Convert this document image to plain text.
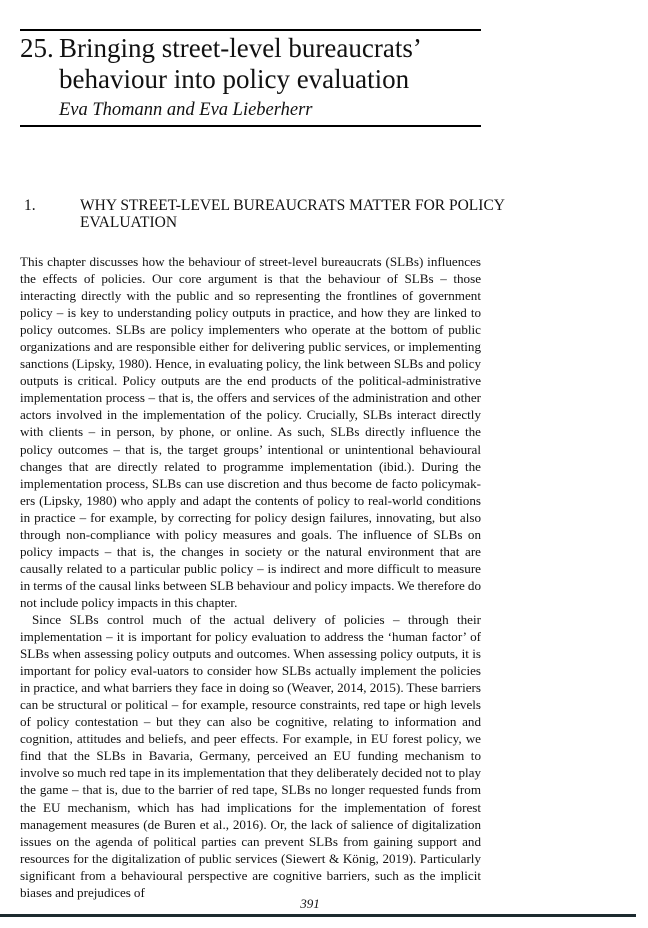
25. Bringing street-level bureaucrats’ behaviour into policy evaluation
Eva Thomann and Eva Lieberherr
1.	WHY STREET-LEVEL BUREAUCRATS MATTER FOR POLICY EVALUATION

This chapter discusses how the behaviour of street-level bureaucrats (SLBs) influences the effects of policies. Our core argument is that the behaviour of SLBs – those interacting directly with the public and so representing the frontlines of government policy – is key to understanding policy outputs in practice, and how they are linked to policy outcomes. SLBs are policy implementers who operate at the bottom of public organizations and are responsible either for delivering public services, or implementing sanctions (Lipsky, 1980). Hence, in evaluating policy, the link between SLBs and policy outputs is critical. Policy outputs are the end products of the political-administrative implementation process – that is, the offers and services of the administration and other actors involved in the implementation of the policy. Crucially, SLBs interact directly with clients – in person, by phone, or online. As such, SLBs directly influence the policy outcomes – that is, the target groups’ intentional or unintentional behavioural changes that are directly related to programme implementation (ibid.). During the implementation process, SLBs can use discretion and thus become de facto policymak-ers (Lipsky, 1980) who apply and adapt the contents of policy to real-world conditions in practice – for example, by correcting for policy design failures, innovating, but also through non-compliance with policy measures and goals. The influence of SLBs on policy impacts – that is, the changes in society or the natural environment that are causally related to a particular public policy – is indirect and more difficult to measure in terms of the causal links between SLB behaviour and policy impacts. We therefore do not include policy impacts in this chapter.

Since SLBs control much of the actual delivery of policies – through their implementation – it is important for policy evaluation to address the ‘human factor’ of SLBs when assessing policy outputs and outcomes. When assessing policy outputs, it is important for policy eval-uators to consider how SLBs actually implement the policies in practice, and what barriers they face in doing so (Weaver, 2014, 2015). These barriers can be structural or political – for example, resource constraints, red tape or high levels of policy contestation – but they can also be cognitive, relating to information and cognition, attitudes and beliefs, and peer effects. For example, in EU forest policy, we find that the SLBs in Bavaria, Germany, perceived an EU funding mechanism to involve so much red tape in its implementation that they deliberately decided not to play the game – that is, due to the barrier of red tape, SLBs no longer requested funds from the EU mechanism, which has had implications for the implementation of forest management measures (de Buren et al., 2016). Or, the lack of salience of digitalization issues on the agenda of political parties can prevent SLBs from gaining support and resources for the digitalization of public services (Siewert & König, 2019). Particularly significant from a behavioural perspective are cognitive barriers, such as the implicit biases and prejudices of

391
